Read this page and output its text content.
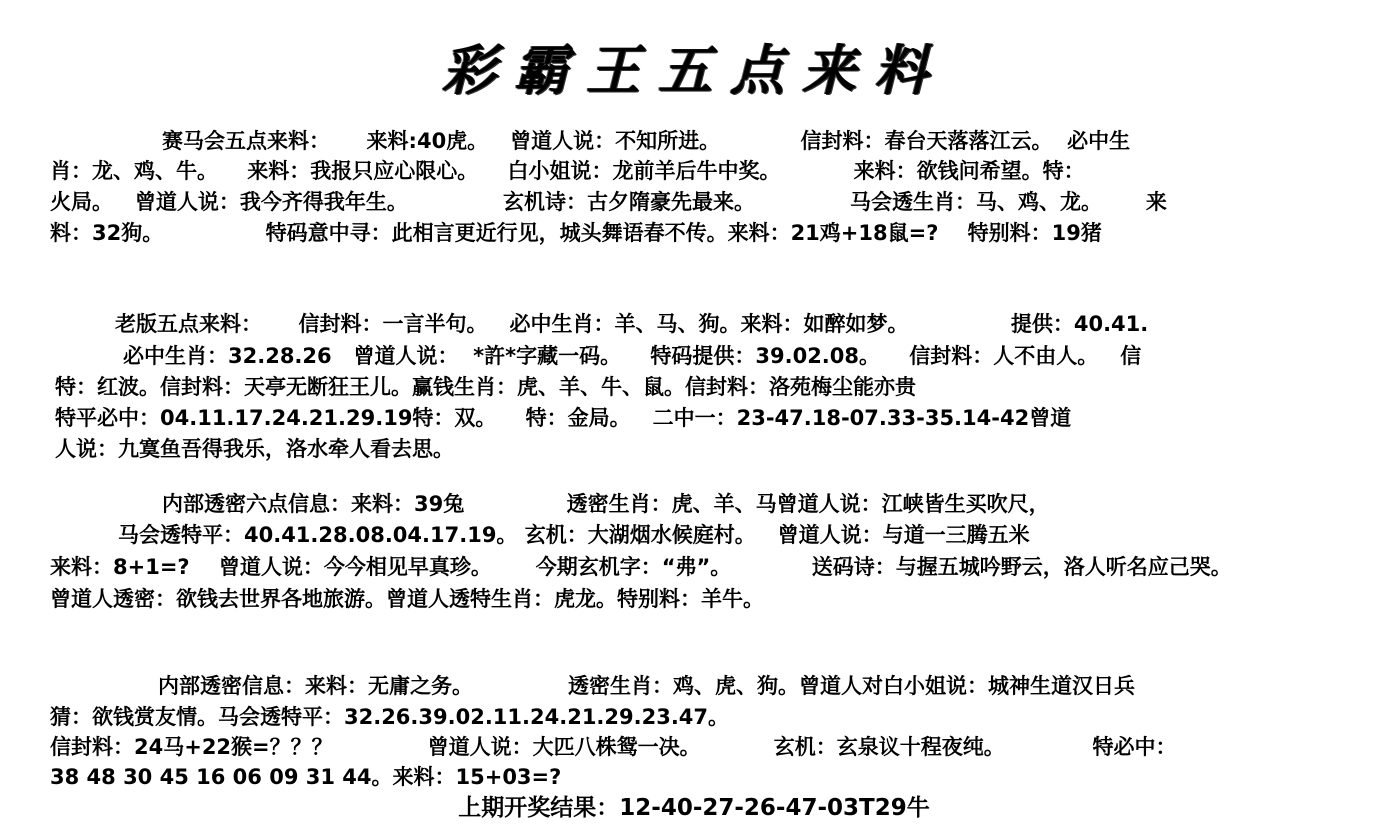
彩霸王五点来料
赛马会五点来料：     来料:40虎。   曾道人说：不知所进。           信封料：春台天落落江云。  必中生
肖：龙、鸡、牛。    来料：我报只应心限心。    白小姐说：龙前羊后牛中奖。          来料：欲钱问希望。特：
火局。   曾道人说：我今齐得我年生。             玄机诗：古夕隋豪先最来。             马会透生肖：马、鸡、龙。      来
料：32狗。              特码意中寻：此相言更近行见，城头舞语春不传。来料：21鸡+18鼠=?    特别料：19猪
老版五点来料：     信封料：一言半句。   必中生肖：羊、马、狗。来料：如醉如梦。              提供：40.41.
必中生肖：32.28.26   曾道人说：  *許*字藏一码。    特码提供：39.02.08。    信封料：人不由人。   信
特：红波。信封料：天亭无断狂王儿。赢钱生肖：虎、羊、牛、鼠。信封料：洛苑梅尘能亦贵
特平必中：04.11.17.24.21.29.19特：双。    特：金局。   二中一：23-47.18-07.33-35.14-42曾道
人说：九寞鱼吾得我乐，洛水牵人看去思。
内部透密六点信息：来料：39兔              透密生肖：虎、羊、马曾道人说：江峡皆生买吹尺，
马会透特平：40.41.28.08.04.17.19。 玄机：大湖烟水候庭村。   曾道人说：与道一三腾五米
来料：8+1=?    曾道人说：今今相见早真珍。      今期玄机字：“弗”。           送码诗：与握五城吟野云，洛人听名应己哭。
曾道人透密：欲钱去世界各地旅游。曾道人透特生肖：虎龙。特别料：羊牛。
内部透密信息：来料：无庸之务。             透密生肖：鸡、虎、狗。曾道人对白小姐说：城神生道汉日兵
猜：欲钱赏友情。马会透特平：32.26.39.02.11.24.21.29.23.47。
信封料：24马+22猴=？？？             曾道人说：大匹八株鸳一决。          玄机：玄泉议十程夜纯。            特必中：
38 48 30 45 16 06 09 31 44。来料：15+03=?
上期开奖结果：12-40-27-26-47-03T29牛
